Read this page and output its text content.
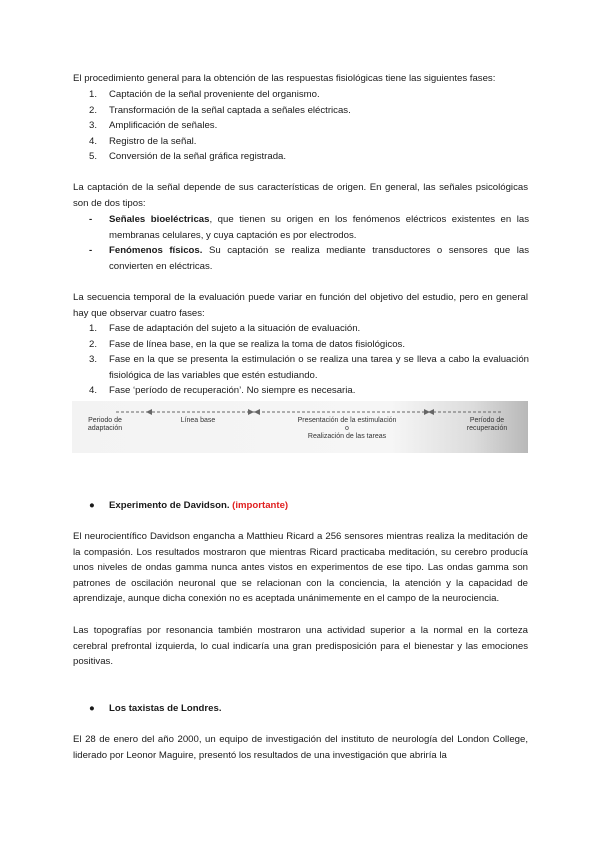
El procedimiento general para la obtención de las respuestas fisiológicas tiene las siguientes fases:

1. Captación de la señal proveniente del organismo.
2. Transformación de la señal captada a señales eléctricas.
3. Amplificación de señales.
4. Registro de la señal.
5. Conversión de la señal gráfica registrada.

La captación de la señal depende de sus características de origen. En general, las señales psicológicas son de dos tipos:

- Señales bioeléctricas, que tienen su origen en los fenómenos eléctricos existentes en las membranas celulares, y cuya captación es por electrodos.
- Fenómenos físicos. Su captación se realiza mediante transductores o sensores que las convierten en eléctricas.

La secuencia temporal de la evaluación puede variar en función del objetivo del estudio, pero en general hay que observar cuatro fases:

1. Fase de adaptación del sujeto a la situación de evaluación.
2. Fase de línea base, en la que se realiza la toma de datos fisiológicos.
3. Fase en la que se presenta la estimulación o se realiza una tarea y se lleva a cabo la evaluación fisiológica de las variables que estén estudiando.
4. Fase ‘período de recuperación’. No siempre es necesaria.
Periodo de adaptación
Línea base	Presentación de la estimulación
o
Realización de las tareas
Período de recuperación
● Experimento de Davidson. (importante)

El neurocientífico Davidson engancha a Matthieu Ricard a 256 sensores mientras realiza la meditación de la compasión. Los resultados mostraron que mientras Ricard practicaba meditación, su cerebro producía unos niveles de ondas gamma nunca antes vistos en experimentos de ese tipo. Las ondas gamma son patrones de oscilación neuronal que se relacionan con la conciencia, la atención y la capacidad de aprendizaje, aunque dicha conexión no es aceptada unánimemente en el campo de la neurociencia.

Las topografías por resonancia también mostraron una actividad superior a la normal en la corteza cerebral prefrontal izquierda, lo cual indicaría una gran predisposición para el bienestar y las emociones positivas.

● Los taxistas de Londres.

El 28 de enero del año 2000, un equipo de investigación del instituto de neurología del London College, liderado por Leonor Maguire, presentó los resultados de una investigación que abriría la
